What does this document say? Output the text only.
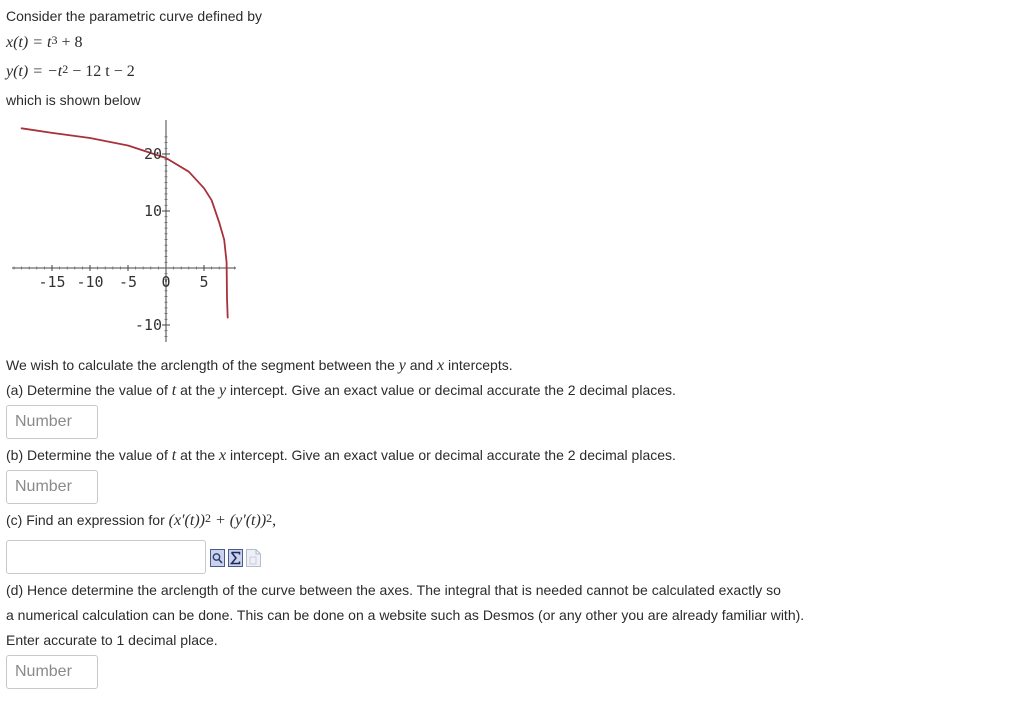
Consider the parametric curve defined by
$x(t) = t^3 + 8$
$y(t) = -t^2 - 12$ t − 2
which is shown below
-15 -10 -5 0 5
-10
10
20
We wish to calculate the arclength of the segment between the y and x intercepts.
(a) Determine the value of t at the y intercept. Give an exact value or decimal accurate the 2 decimal places.
Number
(b) Determine the value of t at the x intercept. Give an exact value or decimal accurate the 2 decimal places.
Number
(c) Find an expression for $(x'(t))^2 + (y'(t))^2$,
(d) Hence determine the arclength of the curve between the axes. The integral that is needed cannot be calculated exactly so
a numerical calculation can be done. This can be done on a website such as Desmos (or any other you are already familiar with).
Enter accurate to 1 decimal place.
Number
